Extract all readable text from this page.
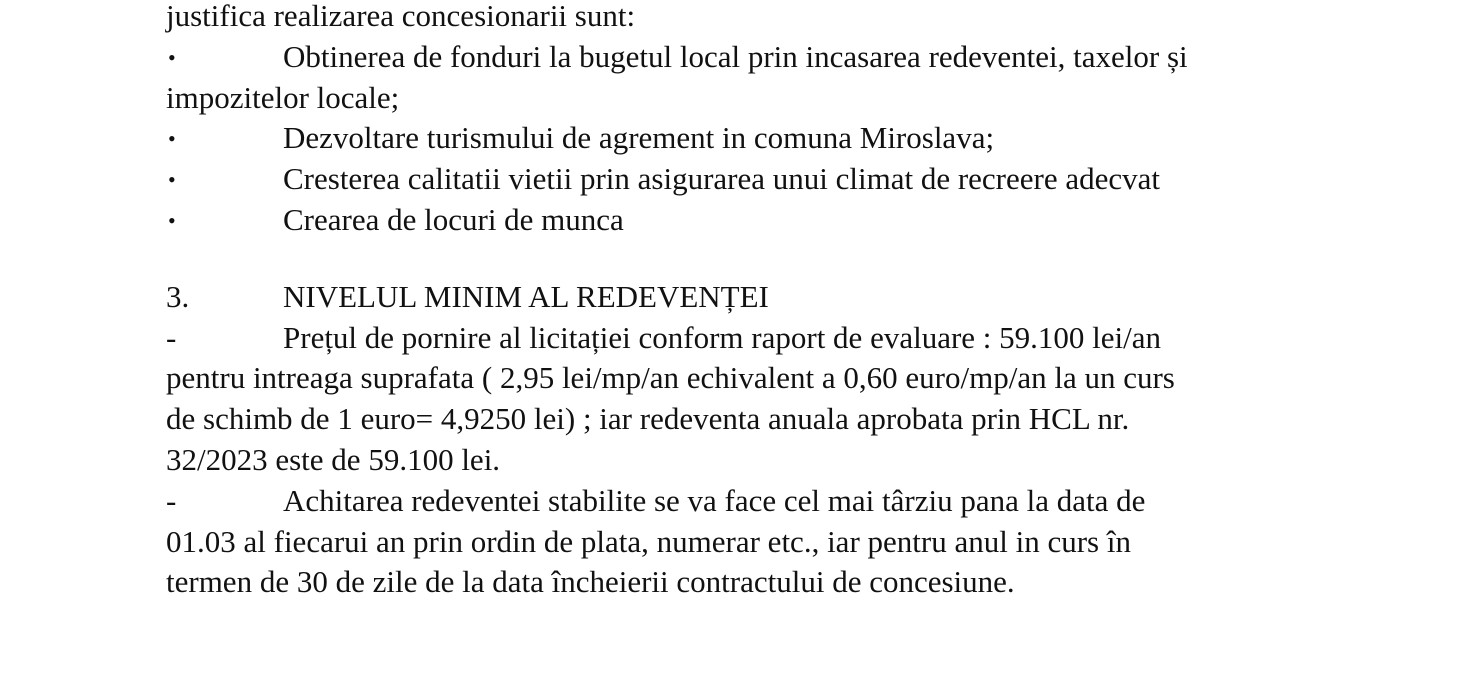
justifica realizarea concesionarii sunt:
•	Obtinerea de fonduri la bugetul local prin incasarea redeventei, taxelor și
impozitelor locale;
•	Dezvoltare turismului de agrement in comuna Miroslava;
•	Cresterea calitatii vietii prin asigurarea unui climat de recreere adecvat
•	Crearea de locuri de munca
3.	NIVELUL MINIM AL REDEVENȚEI
-	Prețul de pornire al licitației conform raport de evaluare : 59.100 lei/an
pentru intreaga suprafata ( 2,95 lei/mp/an echivalent a 0,60 euro/mp/an la un curs
de schimb de 1 euro= 4,9250 lei) ; iar redeventa anuala aprobata prin HCL nr.
32/2023 este de 59.100 lei.
-	Achitarea redeventei stabilite se va face cel mai târziu pana la data de
01.03 al fiecarui an prin ordin de plata, numerar etc., iar pentru anul in curs în
termen de 30 de zile de la data încheierii contractului de concesiune.
